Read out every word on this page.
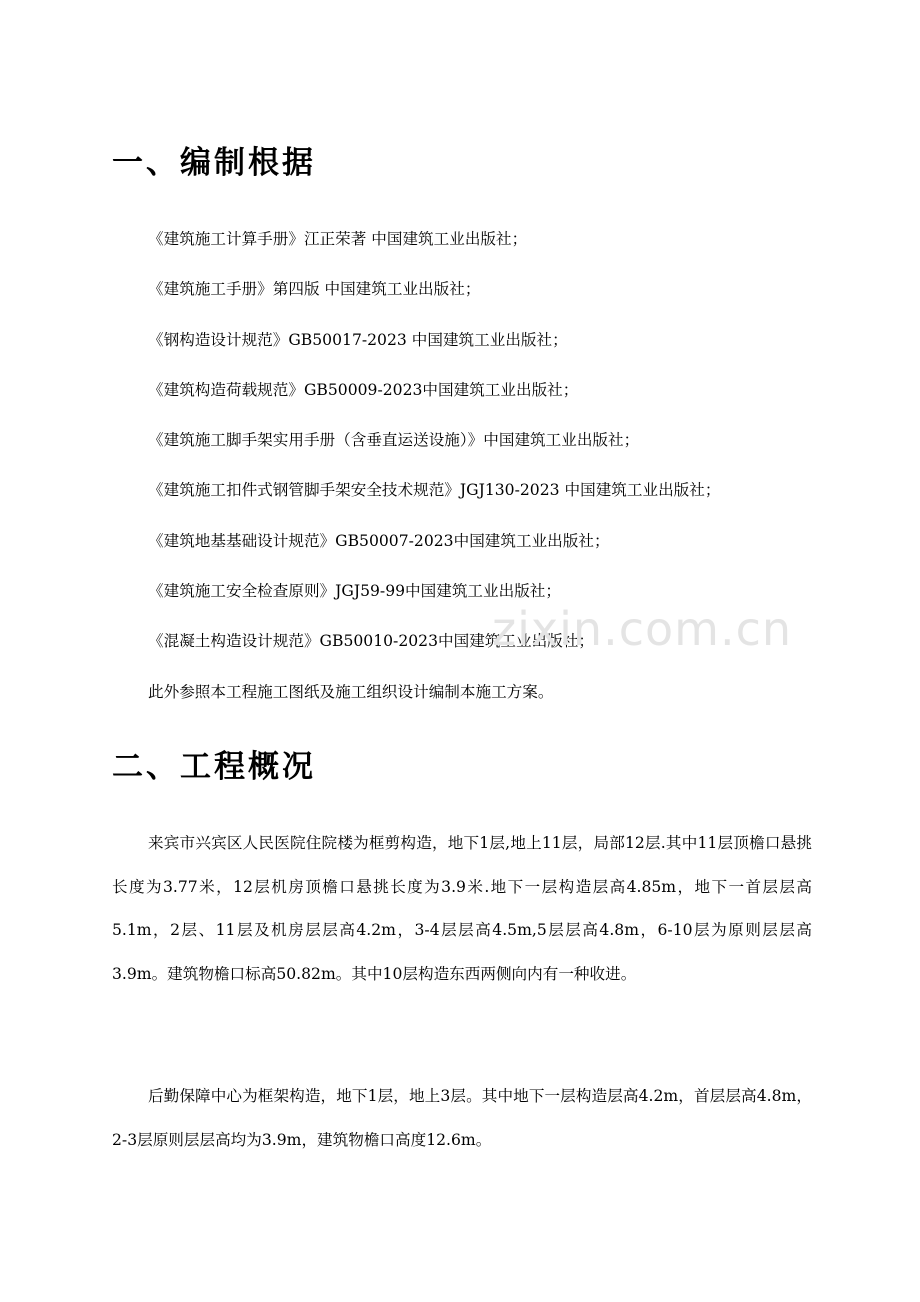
一、编制根据
《建筑施工计算手册》江正荣著 中国建筑工业出版社；
《建筑施工手册》第四版 中国建筑工业出版社；
《钢构造设计规范》GB50017-2023 中国建筑工业出版社；
《建筑构造荷载规范》GB50009-2023中国建筑工业出版社；
《建筑施工脚手架实用手册（含垂直运送设施）》中国建筑工业出版社；
《建筑施工扣件式钢管脚手架安全技术规范》JGJ130-2023 中国建筑工业出版社；
《建筑地基基础设计规范》GB50007-2023中国建筑工业出版社；
《建筑施工安全检查原则》JGJ59-99中国建筑工业出版社；
《混凝土构造设计规范》GB50010-2023中国建筑工业出版社；
此外参照本工程施工图纸及施工组织设计编制本施工方案。
二、工程概况

来宾市兴宾区人民医院住院楼为框剪构造，地下1层,地上11层，局部12层.其中11层顶檐口悬挑长度为3.77米，12层机房顶檐口悬挑长度为3.9米.地下一层构造层高4.85m，地下一首层层高5.1m，2层、11层及机房层层高4.2m，3-4层层高4.5m,5层层高4.8m，6-10层为原则层层高3.9m。建筑物檐口标高50.82m。其中10层构造东西两侧向内有一种收进。

后勤保障中心为框架构造，地下1层，地上3层。其中地下一层构造层高4.2m，首层层高4.8m，2-3层原则层层高均为3.9m，建筑物檐口高度12.6m。

zixin.com.cn
